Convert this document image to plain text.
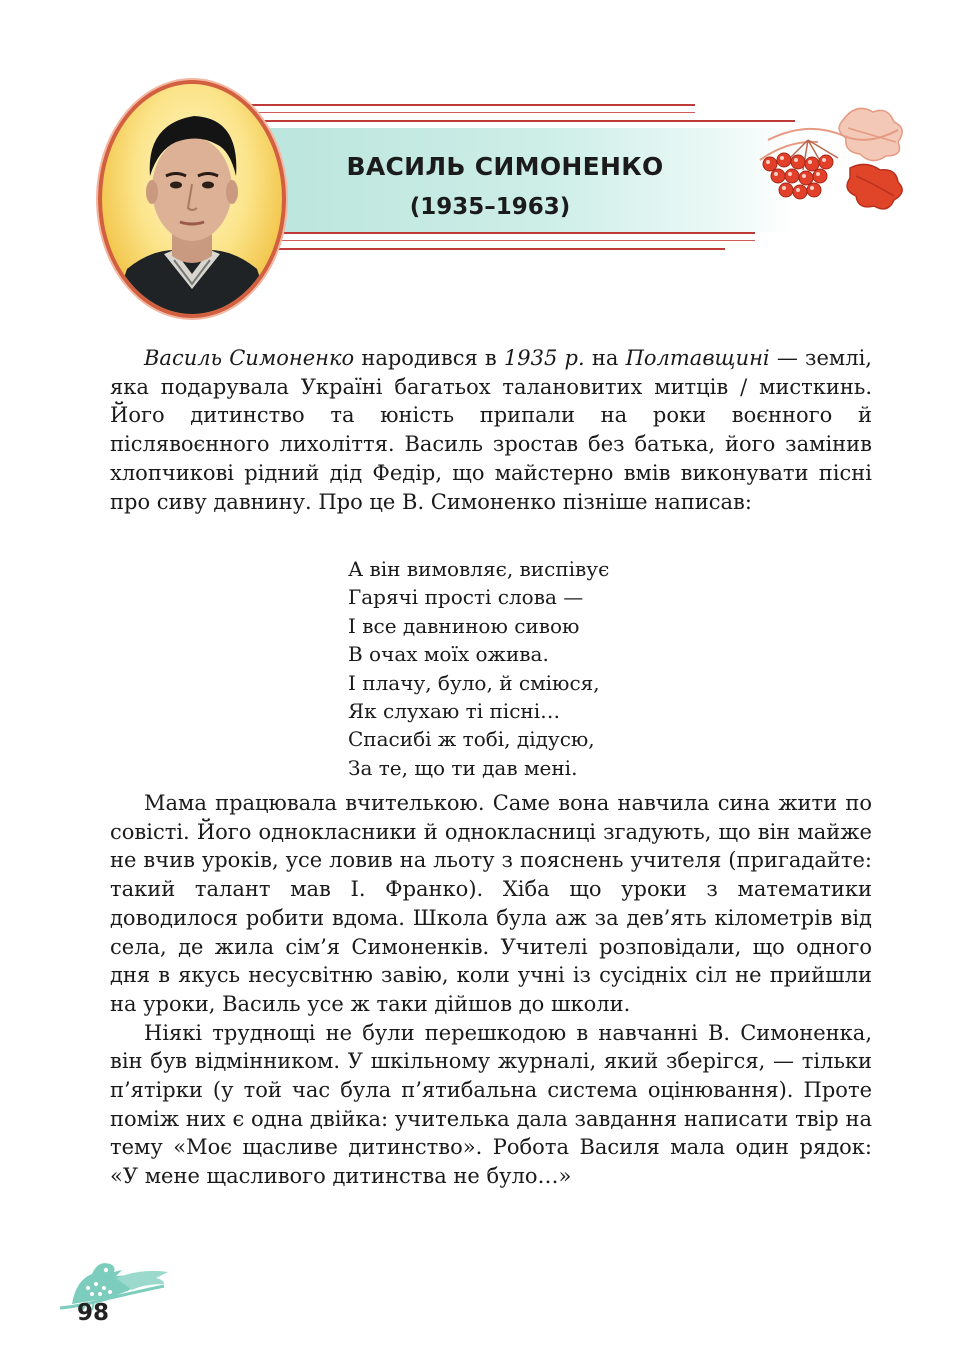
ВАСИЛЬ СИМОНЕНКО
(1935–1963)

Василь Симоненко народився в 1935 р. на Полтавщині — землі, яка подарувала Україні багатьох талановитих митців / мисткинь. Його дитинство та юність припали на роки воєнного й післявоєнного лихоліття. Василь зростав без батька, його замінив хлопчикові рідний дід Федір, що майстерно вмів виконувати пісні про сиву давнину. Про це В. Симоненко пізніше написав:

А він вимовляє, виспівує
Гарячі прості слова —
І все давниною сивою
В очах моїх ожива.
І плачу, було, й сміюся,
Як слухаю ті пісні…
Спасибі ж тобі, дідусю,
За те, що ти дав мені.

Мама працювала вчителькою. Саме вона навчила сина жити по совісті. Його однокласники й однокласниці згадують, що він майже не вчив уроків, усе ловив на льоту з пояснень учителя (пригадайте: такий талант мав І. Франко). Хіба що уроки з математики доводилося робити вдома. Школа була аж за дев’ять кілометрів від села, де жила сім’я Симоненків. Учителі розповідали, що одного дня в якусь несусвітню завію, коли учні із сусідніх сіл не прийшли на уроки, Василь усе ж таки дійшов до школи.

Ніякі труднощі не були перешкодою в навчанні В. Симоненка, він був відмінником. У шкільному журналі, який зберігся, — тільки п’ятірки (у той час була п’ятибальна система оцінювання). Проте поміж них є одна двійка: учителька дала завдання написати твір на тему «Моє щасливе дитинство». Робота Василя мала один рядок: «У мене щасливого дитинства не було…»

98
